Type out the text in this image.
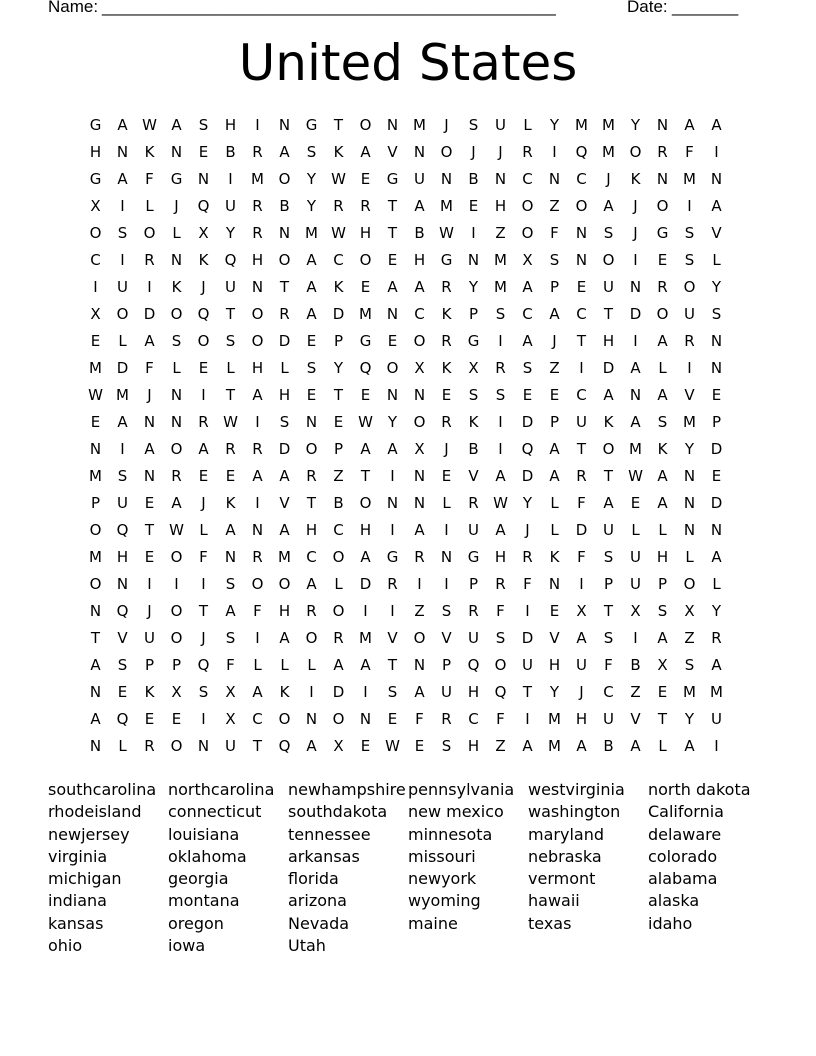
Name: ________________________________________________	Date: _______
United States
G	A W A	S	H	I	N	G	T	O	N M	J	S	U	L	Y	M M	Y	N	A	A
H	N	K	N	E	B	R	A	S	K	A	V	N	O	J	J	R	I	Q M O	R	F	I
G	A	F	G	N	I	M O	Y	W E	G	U	N	B	N	C	N	C	J	K	N M N
X	I	L	J	Q	U	R	B	Y	R	R	T	A	M	E	H	O	Z	O	A	J	O	I	A
O	S	O	L	X	Y	R	N M W H	T	B W	I	Z	O	F	N	S	J	G	S	V
C	I	R	N	K	Q	H	O	A	C	O	E	H	G	N M	X	S	N	O	I	E	S	L
I	U	I	K	J	U	N	T	A	K	E	A	A	R	Y	M	A	P	E	U	N	R	O	Y
X	O	D	O	Q	T	O	R	A	D M N	C	K	P	S	C	A	C	T	D	O	U	S
E	L	A	S	O	S	O	D	E	P	G	E	O	R	G	I	A	J	T	H	I	A	R	N
M D	F	L	E	L	H	L	S	Y	Q	O	X	K	X	R	S	Z	I	D	A	L	I	N
W M	J	N	I	T	A	H	E	T	E	N	N	E	S	S	E	E	C	A	N	A	V	E
E	A	N	N	R W	I	S	N	E W Y	O	R	K	I	D	P	U	K	A	S	M	P
N	I	A	O	A	R	R	D	O	P	A	A	X	J	B	I	Q	A	T	O M	K	Y	D
M	S	N	R	E	E	A	A	R	Z	T	I	N	E	V	A	D	A	R	T	W A	N	E
P	U	E	A	J	K	I	V	T	B	O	N	N	L	R W Y	L	F	A	E	A	N	D
O	Q	T	W	L	A	N	A	H	C	H	I	A	I	U	A	J	L	D	U	L	L	N	N
M H	E	O	F	N	R	M	C	O	A	G	R	N	G	H	R	K	F	S	U	H	L	A
O	N	I	I	I	S	O	O	A	L	D	R	I	I	P	R	F	N	I	P	U	P	O	L
N	Q	J	O	T	A	F	H	R	O	I	I	Z	S	R	F	I	E	X	T	X	S	X	Y
T	V	U	O	J	S	I	A	O	R	M	V	O	V	U	S	D	V	A	S	I	A	Z	R
A	S	P	P	Q	F	L	L	L	A	A	T	N	P	Q	O	U	H	U	F	B	X	S	A
N	E	K	X	S	X	A	K	I	D	I	S	A	U	H	Q	T	Y	J	C	Z	E	M M
A	Q	E	E	I	X	C	O	N	O	N	E	F	R	C	F	I	M H	U	V	T	Y	U
N	L	R	O	N	U	T	Q	A	X	E W E	S	H	Z	A	M	A	B	A	L	A	I
southcarolina northcarolina newhampshire pennsylvania westvirginia	north dakota
rhodeisland	connecticut	southdakota	new mexico	washington	California
newjersey	louisiana	tennessee	minnesota	maryland	delaware
virginia	oklahoma	arkansas	missouri	nebraska	colorado
michigan	georgia	florida	newyork	vermont	alabama
indiana	montana	arizona	wyoming	hawaii	alaska
kansas	oregon	Nevada	maine	texas	idaho
ohio	iowa	Utah
